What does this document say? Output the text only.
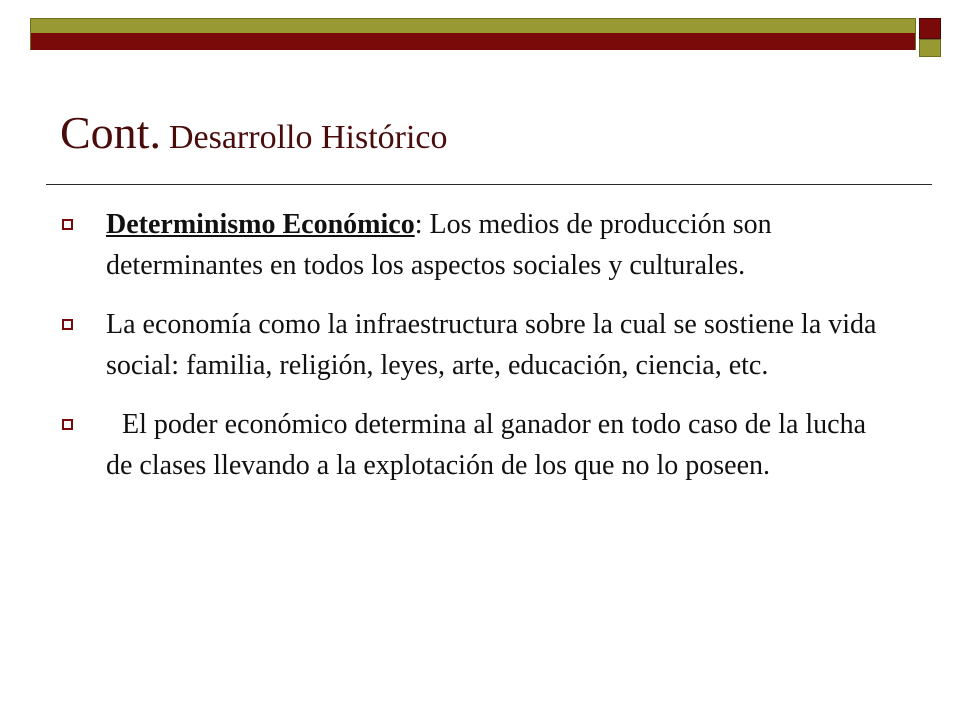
Cont. Desarrollo Histórico
Determinismo Económico: Los medios de producción son determinantes en todos los aspectos sociales y culturales.
La economía como la infraestructura sobre la cual se sostiene la vida social: familia, religión, leyes, arte, educación, ciencia, etc.
El poder económico determina al ganador en todo caso de la lucha de clases llevando a la explotación de los que no lo poseen.
